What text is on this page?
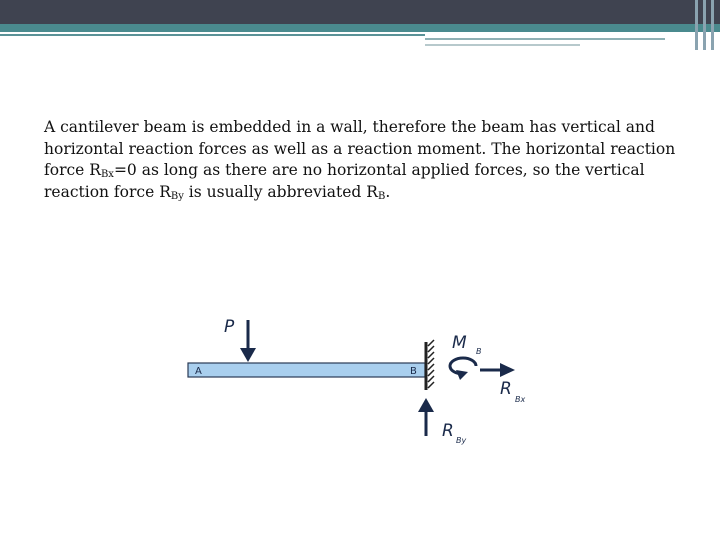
A cantilever beam is embedded in a wall, therefore the beam has vertical and horizontal reaction forces as well as a reaction moment. The horizontal reaction force $R_{Bx}=0$ as long as there are no horizontal applied forces, so the vertical reaction force $R_{By}$ is usually abbreviated $R_B$.

A	B
P
M B
R
Bx
R By
